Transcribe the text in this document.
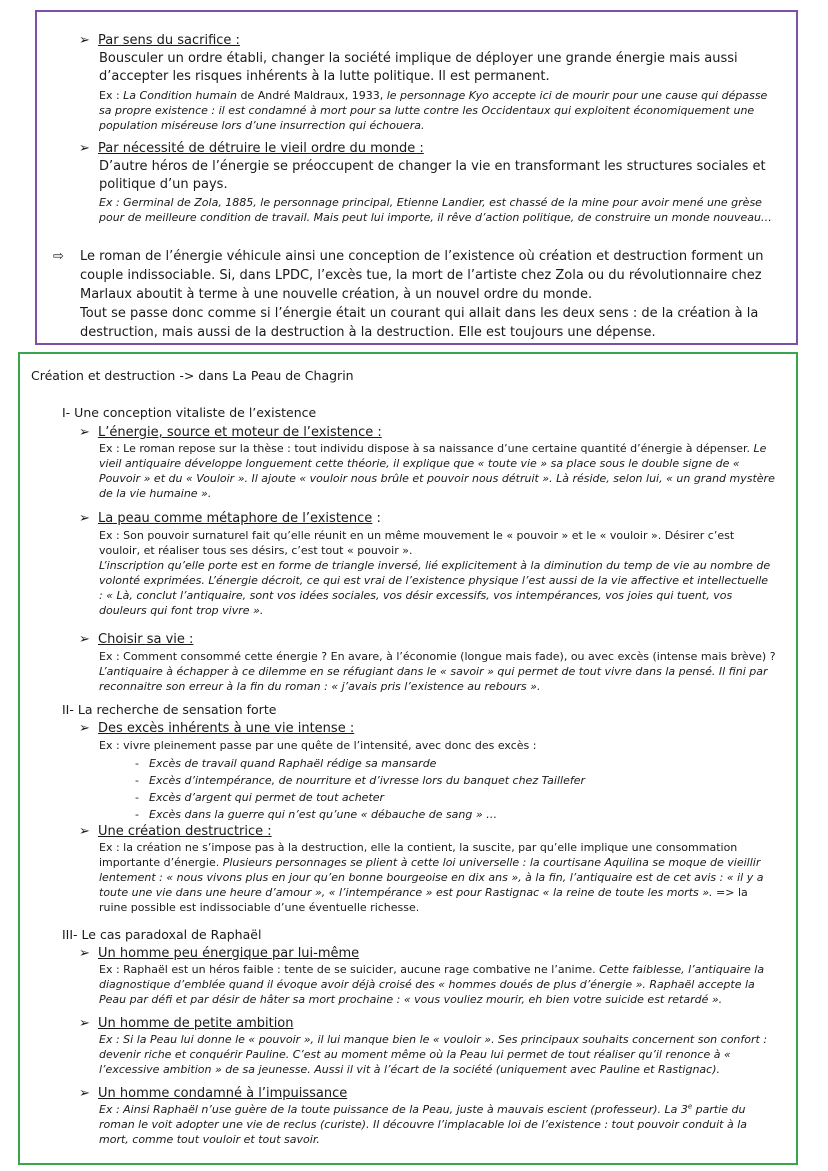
➢ Par sens du sacrifice :
Bousculer un ordre établi, changer la société implique de déployer une grande énergie mais aussi d’accepter les risques inhérents à la lutte politique. Il est permanent.
Ex : La Condition humain de André Maldraux, 1933, le personnage Kyo accepte ici de mourir pour une cause qui dépasse sa propre existence : il est condamné à mort pour sa lutte contre les Occidentaux qui exploitent économiquement une population miséreuse lors d’une insurrection qui échouera.
➢ Par nécessité de détruire le vieil ordre du monde :
D’autre héros de l’énergie se préoccupent de changer la vie en transformant les structures sociales et politique d’un pays.
Ex : Germinal de Zola, 1885, le personnage principal, Etienne Landier, est chassé de la mine pour avoir mené une grèse pour de meilleure condition de travail. Mais peut lui importe, il rêve d’action politique, de construire un monde nouveau…
⇨ Le roman de l’énergie véhicule ainsi une conception de l’existence où création et destruction forment un couple indissociable. Si, dans LPDC, l’excès tue, la mort de l’artiste chez Zola ou du révolutionnaire chez Marlaux aboutit à terme à une nouvelle création, à un nouvel ordre du monde.
Tout se passe donc comme si l’énergie était un courant qui allait dans les deux sens : de la création à la destruction, mais aussi de la destruction à la destruction. Elle est toujours une dépense.
Création et destruction -> dans La Peau de Chagrin
I- Une conception vitaliste de l’existence
➢ L’énergie, source et moteur de l’existence :
Ex : Le roman repose sur la thèse : tout individu dispose à sa naissance d’une certaine quantité d’énergie à dépenser. Le vieil antiquaire développe longuement cette théorie, il explique que « toute vie » sa place sous le double signe de « Pouvoir » et du « Vouloir ». Il ajoute « vouloir nous brûle et pouvoir nous détruit ». Là réside, selon lui, « un grand mystère de la vie humaine ».
➢ La peau comme métaphore de l’existence :
Ex : Son pouvoir surnaturel fait qu’elle réunit en un même mouvement le « pouvoir » et le « vouloir ». Désirer c’est vouloir, et réaliser tous ses désirs, c’est tout « pouvoir ».
L’inscription qu’elle porte est en forme de triangle inversé, lié explicitement à la diminution du temp de vie au nombre de volonté exprimées. L’énergie décroit, ce qui est vrai de l’existence physique l’est aussi de la vie affective et intellectuelle : « Là, conclut l’antiquaire, sont vos idées sociales, vos désir excessifs, vos intempérances, vos joies qui tuent, vos douleurs qui font trop vivre ».
➢ Choisir sa vie :
Ex : Comment consommé cette énergie ? En avare, à l’économie (longue mais fade), ou avec excès (intense mais brève) ?
L’antiquaire à échapper à ce dilemme en se réfugiant dans le « savoir » qui permet de tout vivre dans la pensé. Il fini par reconnaitre son erreur à la fin du roman : « j’avais pris l’existence au rebours ».
II- La recherche de sensation forte
➢ Des excès inhérents à une vie intense :
Ex : vivre pleinement passe par une quête de l’intensité, avec donc des excès :
- Excès de travail quand Raphaël rédige sa mansarde
- Excès d’intempérance, de nourriture et d’ivresse lors du banquet chez Taillefer
- Excès d’argent qui permet de tout acheter
- Excès dans la guerre qui n’est qu’une « débauche de sang » …
➢ Une création destructrice :
Ex : la création ne s’impose pas à la destruction, elle la contient, la suscite, par qu’elle implique une consommation importante d’énergie. Plusieurs personnages se plient à cette loi universelle : la courtisane Aquilina se moque de vieillir lentement : « nous vivons plus en jour qu’en bonne bourgeoise en dix ans », à la fin, l’antiquaire est de cet avis : « il y a toute une vie dans une heure d’amour », « l’intempérance » est pour Rastignac « la reine de toute les morts ». => la ruine possible est indissociable d’une éventuelle richesse.
III- Le cas paradoxal de Raphaël
➢ Un homme peu énergique par lui-même
Ex : Raphaël est un héros faible : tente de se suicider, aucune rage combative ne l’anime. Cette faiblesse, l’antiquaire la diagnostique d’emblée quand il évoque avoir déjà croisé des « hommes doués de plus d’énergie ». Raphaël accepte la Peau par défi et par désir de hâter sa mort prochaine : « vous vouliez mourir, eh bien votre suicide est retardé ».
➢ Un homme de petite ambition
Ex : Si la Peau lui donne le « pouvoir », il lui manque bien le « vouloir ». Ses principaux souhaits concernent son confort : devenir riche et conquérir Pauline. C’est au moment même où la Peau lui permet de tout réaliser qu’il renonce à « l’excessive ambition » de sa jeunesse. Aussi il vit à l’écart de la société (uniquement avec Pauline et Rastignac).
➢ Un homme condamné à l’impuissance
Ex : Ainsi Raphaël n’use guère de la toute puissance de la Peau, juste à mauvais escient (professeur). La 3e partie du roman le voit adopter une vie de reclus (curiste). Il découvre l’implacable loi de l’existence : tout pouvoir conduit à la mort, comme tout vouloir et tout savoir.
